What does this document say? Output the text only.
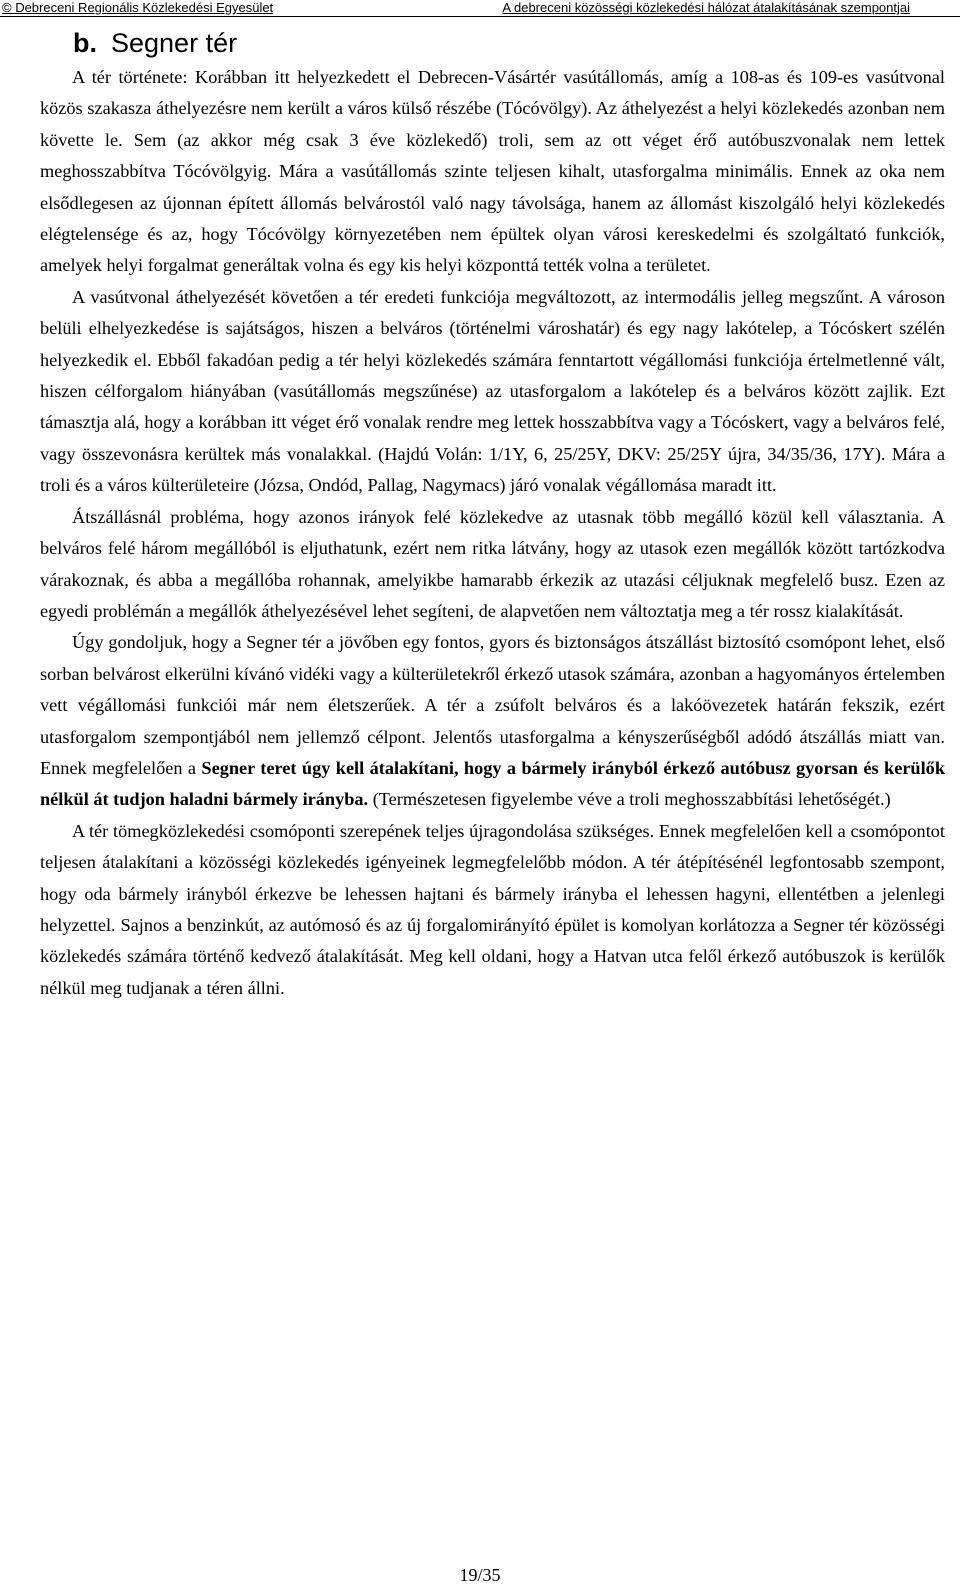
© Debreceni Regionális Közlekedési Egyesület	A debreceni közösségi közlekedési hálózat átalakításának szempontjai
b. Segner tér

A tér története: Korábban itt helyezkedett el Debrecen-Vásártér vasútállomás, amíg a 108-as és 109-es vasútvonal közös szakasza áthelyezésre nem került a város külső részébe (Tócóvölgy). Az áthelyezést a helyi közlekedés azonban nem követte le. Sem (az akkor még csak 3 éve közlekedő) troli, sem az ott véget érő autóbuszvonalak nem lettek meghosszabbítva Tócóvölgyig. Mára a vasútállomás szinte teljesen kihalt, utasforgalma minimális. Ennek az oka nem elsődlegesen az újonnan épített állomás belvárostól való nagy távolsága, hanem az állomást kiszolgáló helyi közlekedés elégtelensége és az, hogy Tócóvölgy környezetében nem épültek olyan városi kereskedelmi és szolgáltató funkciók, amelyek helyi forgalmat generáltak volna és egy kis helyi központtá tették volna a területet.

A vasútvonal áthelyezését követően a tér eredeti funkciója megváltozott, az intermodális jelleg megszűnt. A városon belüli elhelyezkedése is sajátságos, hiszen a belváros (történelmi városhatár) és egy nagy lakótelep, a Tócóskert szélén helyezkedik el. Ebből fakadóan pedig a tér helyi közlekedés számára fenntartott végállomási funkciója értelmetlenné vált, hiszen célforgalom hiányában (vasútállomás megszűnése) az utasforgalom a lakótelep és a belváros között zajlik. Ezt támasztja alá, hogy a korábban itt véget érő vonalak rendre meg lettek hosszabbítva vagy a Tócóskert, vagy a belváros felé, vagy összevonásra kerültek más vonalakkal. (Hajdú Volán: 1/1Y, 6, 25/25Y, DKV: 25/25Y újra, 34/35/36, 17Y). Mára a troli és a város külterületeire (Józsa, Ondód, Pallag, Nagymacs) járó vonalak végállomása maradt itt.

Átszállásnál probléma, hogy azonos irányok felé közlekedve az utasnak több megálló közül kell választania. A belváros felé három megállóból is eljuthatunk, ezért nem ritka látvány, hogy az utasok ezen megállók között tartózkodva várakoznak, és abba a megállóba rohannak, amelyikbe hamarabb érkezik az utazási céljuknak megfelelő busz. Ezen az egyedi problémán a megállók áthelyezésével lehet segíteni, de alapvetően nem változtatja meg a tér rossz kialakítását.

Úgy gondoljuk, hogy a Segner tér a jövőben egy fontos, gyors és biztonságos átszállást biztosító csomópont lehet, első sorban belvárost elkerülni kívánó vidéki vagy a külterületekről érkező utasok számára, azonban a hagyományos értelemben vett végállomási funkciói már nem életszerűek. A tér a zsúfolt belváros és a lakóövezetek határán fekszik, ezért utasforgalom szempontjából nem jellemző célpont. Jelentős utasforgalma a kényszerűségből adódó átszállás miatt van. Ennek megfelelően a Segner teret úgy kell átalakítani, hogy a bármely irányból érkező autóbusz gyorsan és kerülők nélkül át tudjon haladni bármely irányba. (Természetesen figyelembe véve a troli meghosszabbítási lehetőségét.)

A tér tömegközlekedési csomóponti szerepének teljes újragondolása szükséges. Ennek megfelelően kell a csomópontot teljesen átalakítani a közösségi közlekedés igényeinek legmegfelelőbb módon. A tér átépítésénél legfontosabb szempont, hogy oda bármely irányból érkezve be lehessen hajtani és bármely irányba el lehessen hagyni, ellentétben a jelenlegi helyzettel. Sajnos a benzinkút, az autómosó és az új forgalomirányító épület is komolyan korlátozza a Segner tér közösségi közlekedés számára történő kedvező átalakítását. Meg kell oldani, hogy a Hatvan utca felől érkező autóbuszok is kerülők nélkül meg tudjanak a téren állni.

19/35
